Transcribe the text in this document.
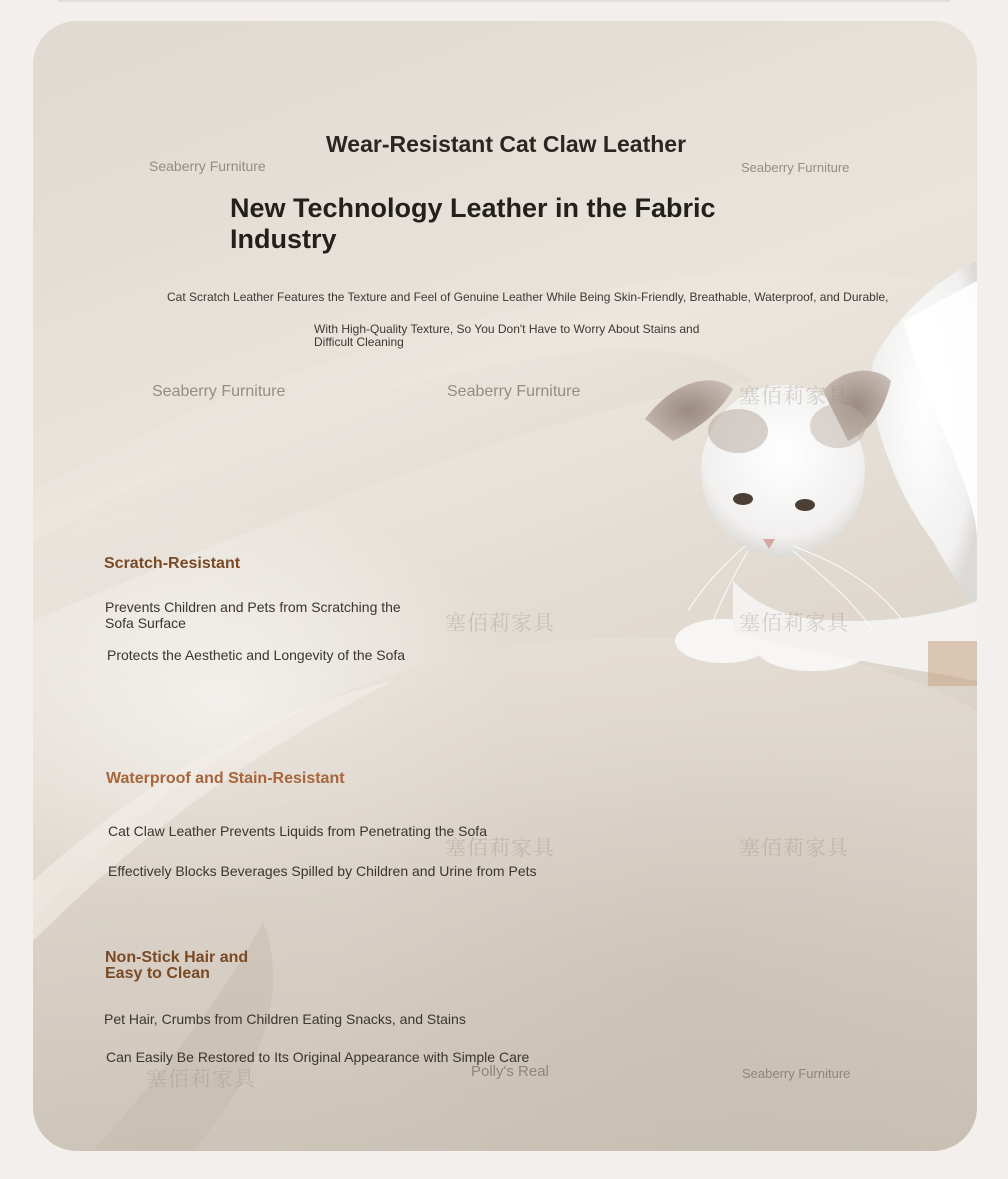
Seaberry Furniture	Seaberry Furniture
Seaberry Furniture	Seaberry Furniture
Seaberry Furniture
Polly's Real
塞佰莉家具
塞佰莉家具	塞佰莉家具
塞佰莉家具	塞佰莉家具
塞佰莉家具
Wear-Resistant Cat Claw Leather
New Technology Leather in the Fabric Industry
Cat Scratch Leather Features the Texture and Feel of Genuine Leather While Being Skin-Friendly, Breathable, Waterproof, and Durable,
With High-Quality Texture, So You Don't Have to Worry About Stains and Difficult Cleaning
Scratch-Resistant
Prevents Children and Pets from Scratching the Sofa Surface
Protects the Aesthetic and Longevity of the Sofa
Waterproof and Stain-Resistant
Cat Claw Leather Prevents Liquids from Penetrating the Sofa
Effectively Blocks Beverages Spilled by Children and Urine from Pets
Non-Stick Hair and Easy to Clean
Pet Hair, Crumbs from Children Eating Snacks, and Stains
Can Easily Be Restored to Its Original Appearance with Simple Care
